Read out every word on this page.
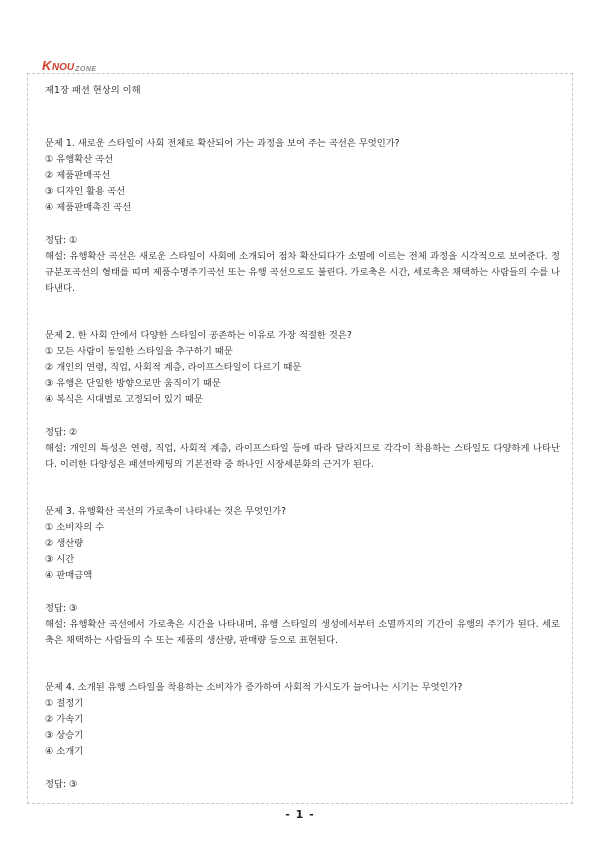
K NOU ZONE
제1장 패션 현상의 이해
문제 1. 새로운 스타일이 사회 전체로 확산되어 가는 과정을 보여 주는 곡선은 무엇인가?
① 유행확산 곡선
② 제품판매곡선
③ 디자인 활용 곡선
④ 제품판매촉진 곡선
정답: ①
해설: 유행확산 곡선은 새로운 스타일이 사회에 소개되어 점차 확산되다가 소멸에 이르는 전체 과정을 시각적으로 보여준다. 정규분포곡선의 형태를 띠며 제품수명주기곡선 또는 유행 곡선으로도 불린다. 가로축은 시간, 세로축은 채택하는 사람들의 수를 나타낸다.
문제 2. 한 사회 안에서 다양한 스타일이 공존하는 이유로 가장 적절한 것은?
① 모든 사람이 동일한 스타일을 추구하기 때문
② 개인의 연령, 직업, 사회적 계층, 라이프스타일이 다르기 때문
③ 유행은 단일한 방향으로만 움직이기 때문
④ 복식은 시대별로 고정되어 있기 때문
정답: ②
해설: 개인의 특성은 연령, 직업, 사회적 계층, 라이프스타일 등에 따라 달라지므로 각각이 착용하는 스타일도 다양하게 나타난다. 이러한 다양성은 패션마케팅의 기본전략 중 하나인 시장세분화의 근거가 된다.
문제 3. 유행확산 곡선의 가로축이 나타내는 것은 무엇인가?
① 소비자의 수
② 생산량
③ 시간
④ 판매금액
정답: ③
해설: 유행확산 곡선에서 가로축은 시간을 나타내며, 유행 스타일의 생성에서부터 소멸까지의 기간이 유행의 주기가 된다. 세로축은 채택하는 사람들의 수 또는 제품의 생산량, 판매량 등으로 표현된다.
문제 4. 소개된 유행 스타일을 착용하는 소비자가 증가하여 사회적 가시도가 늘어나는 시기는 무엇인가?
① 절정기
② 가속기
③ 상승기
④ 소개기
정답: ③
- 1 -
